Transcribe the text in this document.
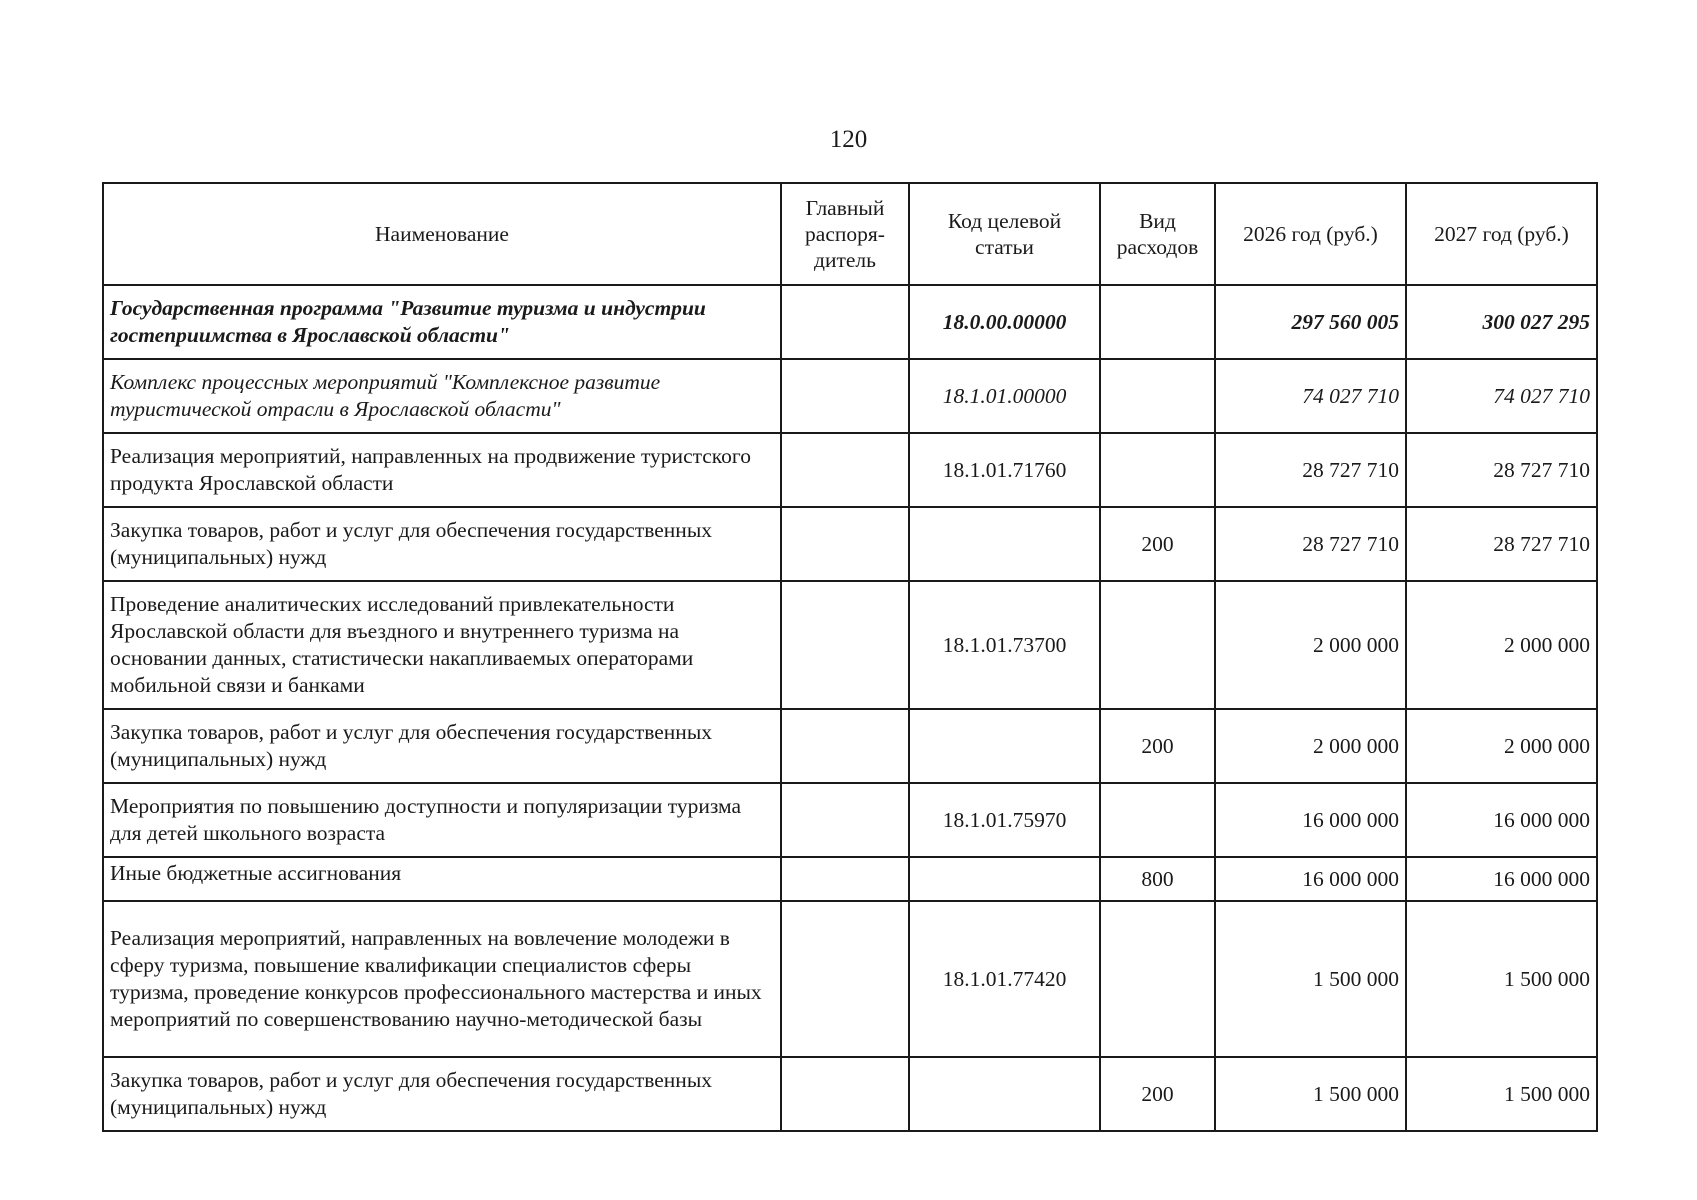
120
Наименование	Главный распоря-дитель	Код целевой статьи	Вид расходов	2026 год (руб.)	2027 год (руб.)
Государственная программа "Развитие туризма и индустрии гостеприимства в Ярославской области"		18.0.00.00000		297 560 005	300 027 295
Комплекс процессных мероприятий "Комплексное развитие туристической отрасли в Ярославской области"		18.1.01.00000		74 027 710	74 027 710
Реализация мероприятий, направленных на продвижение туристского продукта Ярославской области		18.1.01.71760		28 727 710	28 727 710
Закупка товаров, работ и услуг для обеспечения государственных (муниципальных) нужд			200	28 727 710	28 727 710
Проведение аналитических исследований привлекательности Ярославской области для въездного и внутреннего туризма на основании данных, статистически накапливаемых операторами мобильной связи и банками		18.1.01.73700		2 000 000	2 000 000
Закупка товаров, работ и услуг для обеспечения государственных (муниципальных) нужд			200	2 000 000	2 000 000
Мероприятия по повышению доступности и популяризации туризма для детей школьного возраста		18.1.01.75970		16 000 000	16 000 000
Иные бюджетные ассигнования			800	16 000 000	16 000 000
Реализация мероприятий, направленных на вовлечение молодежи в сферу туризма, повышение квалификации специалистов сферы туризма, проведение конкурсов профессионального мастерства и иных мероприятий по совершенствованию научно-методической базы		18.1.01.77420		1 500 000	1 500 000
Закупка товаров, работ и услуг для обеспечения государственных (муниципальных) нужд			200	1 500 000	1 500 000
